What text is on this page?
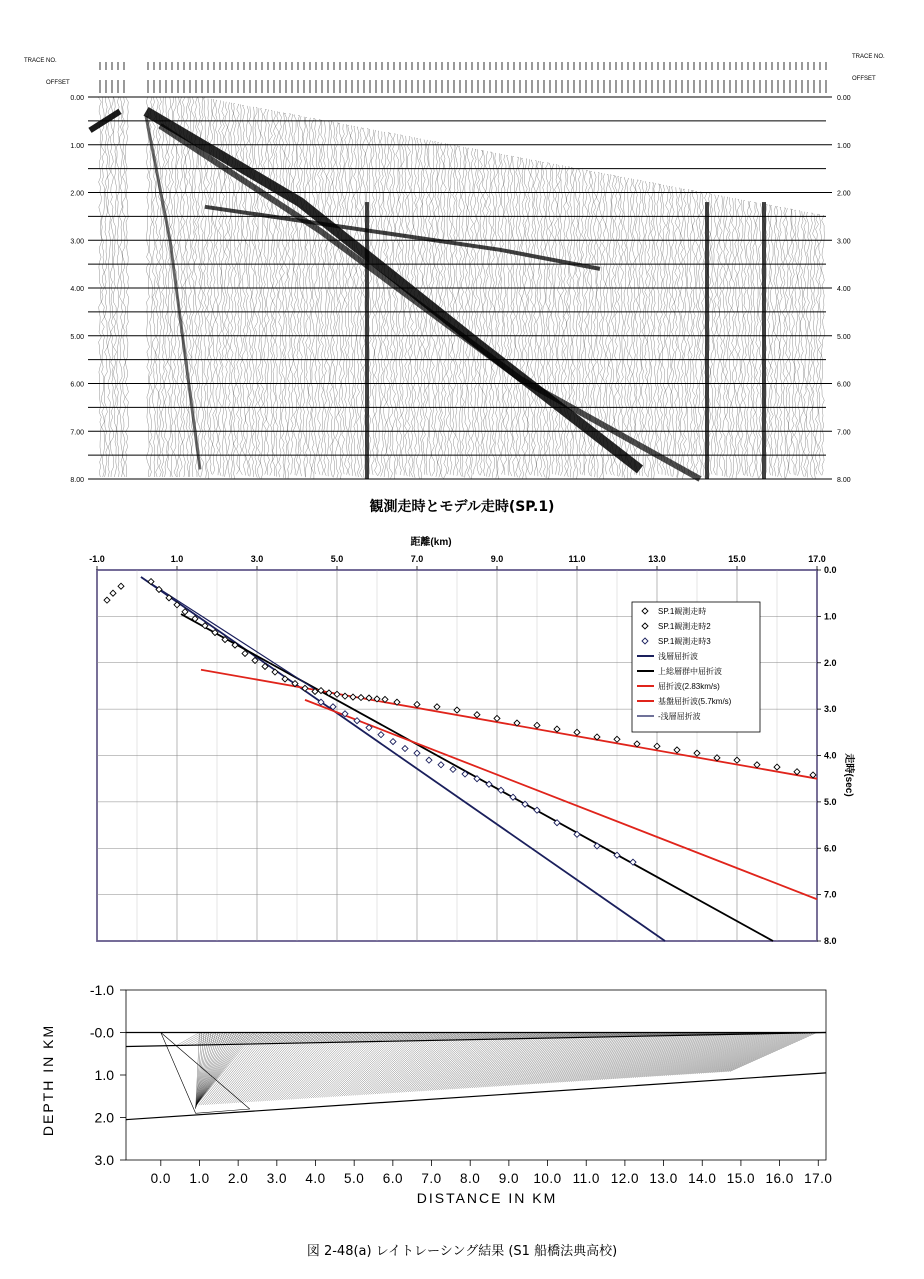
TRACE NO.
OFFSET
TRACE NO.
OFFSET
0.00	0.00
1.00	1.00
2.00	2.00
3.00	3.00
4.00	4.00
5.00	5.00
6.00	6.00
7.00	7.00
8.00	8.00
観測走時とモデル走時(SP.1)
距離(km)
走時(sec)
SP.1観測走時
SP.1観測走時2
SP.1観測走時3
浅層屈折波
上総層群中屈折波
屈折波(2.83km/s)
基盤屈折波(5.7km/s)
-浅層屈折波
-1.0	1.0	3.0	5.0	7.0	9.0	11.0	13.0	15.0	17.0
0.0
1.0
2.0
3.0
4.0
5.0
6.0
7.0
8.0
DEPTH IN KM
DISTANCE IN KM
-1.0
-0.0
1.0
2.0
3.0
0.0 1.0 2.0 3.0 4.0 5.0 6.0 7.0 8.0 9.0 10.0 11.0 12.0 13.0 14.0 15.0 16.0 17.0
図 2-48(a) レイトレーシング結果 (S1 船橋法典高校)
